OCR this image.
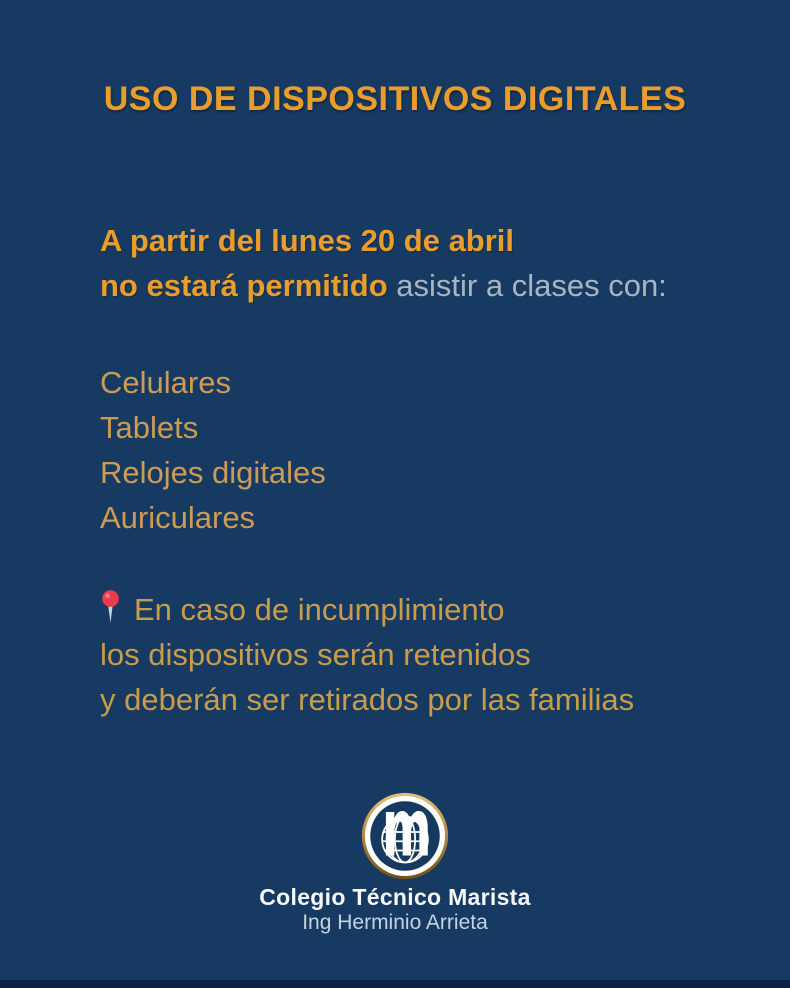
USO DE DISPOSITIVOS DIGITALES
A partir del lunes 20 de abril
no estará permitido asistir a clases con:
Celulares
Tablets
Relojes digitales
Auriculares
En caso de incumplimiento
los dispositivos serán retenidos
y deberán ser retirados por las familias
m
Colegio Técnico Marista
Ing Herminio Arrieta
